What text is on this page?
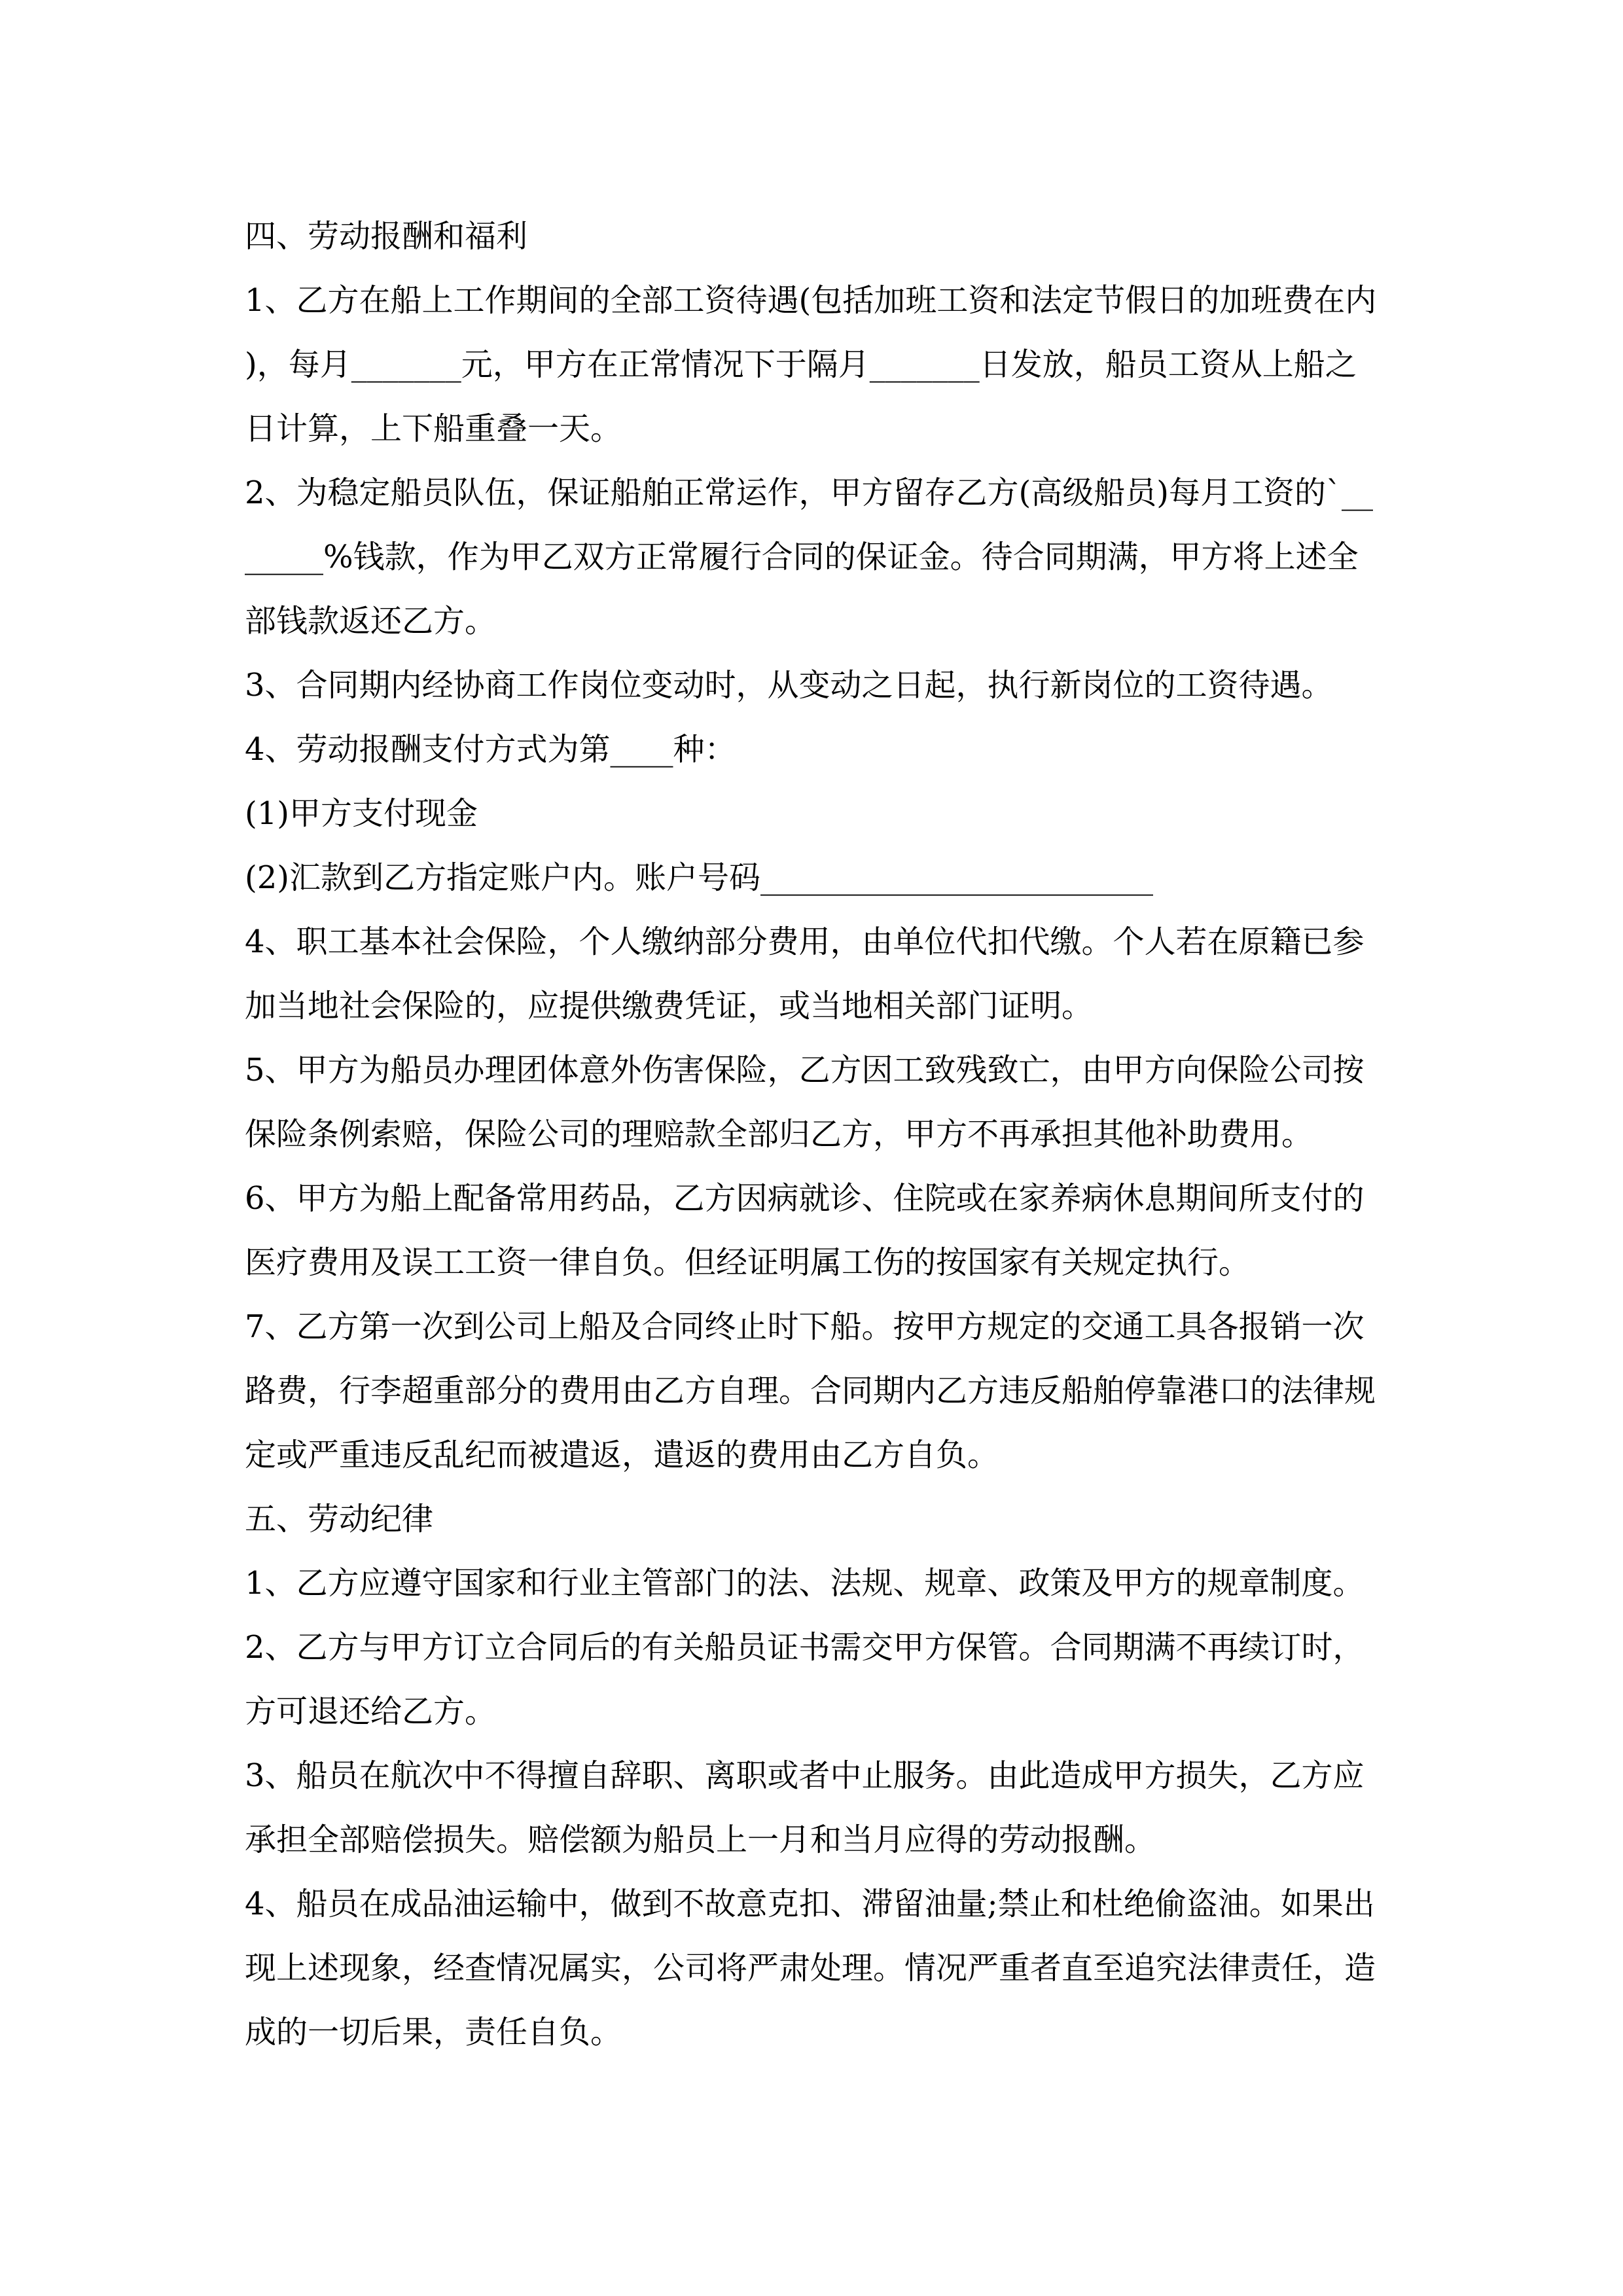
四、劳动报酬和福利

1、乙方在船上工作期间的全部工资待遇(包括加班工资和法定节假日的加班费在内)，每月_______元，甲方在正常情况下于隔月_______日发放，船员工资从上船之日计算，上下船重叠一天。

2、为稳定船员队伍，保证船舶正常运作，甲方留存乙方(高级船员)每月工资的`_______%钱款，作为甲乙双方正常履行合同的保证金。待合同期满，甲方将上述全部钱款返还乙方。

3、合同期内经协商工作岗位变动时，从变动之日起，执行新岗位的工资待遇。

4、劳动报酬支付方式为第____种：

(1)甲方支付现金

(2)汇款到乙方指定账户内。账户号码_________________________

4、职工基本社会保险，个人缴纳部分费用，由单位代扣代缴。个人若在原籍已参加当地社会保险的，应提供缴费凭证，或当地相关部门证明。

5、甲方为船员办理团体意外伤害保险，乙方因工致残致亡，由甲方向保险公司按保险条例索赔，保险公司的理赔款全部归乙方，甲方不再承担其他补助费用。

6、甲方为船上配备常用药品，乙方因病就诊、住院或在家养病休息期间所支付的医疗费用及误工工资一律自负。但经证明属工伤的按国家有关规定执行。

7、乙方第一次到公司上船及合同终止时下船。按甲方规定的交通工具各报销一次路费，行李超重部分的费用由乙方自理。合同期内乙方违反船舶停靠港口的法律规定或严重违反乱纪而被遣返，遣返的费用由乙方自负。

五、劳动纪律

1、乙方应遵守国家和行业主管部门的法、法规、规章、政策及甲方的规章制度。

2、乙方与甲方订立合同后的有关船员证书需交甲方保管。合同期满不再续订时，方可退还给乙方。

3、船员在航次中不得擅自辞职、离职或者中止服务。由此造成甲方损失，乙方应承担全部赔偿损失。赔偿额为船员上一月和当月应得的劳动报酬。

4、船员在成品油运输中，做到不故意克扣、滞留油量;禁止和杜绝偷盗油。如果出现上述现象，经查情况属实，公司将严肃处理。情况严重者直至追究法律责任，造成的一切后果，责任自负。
